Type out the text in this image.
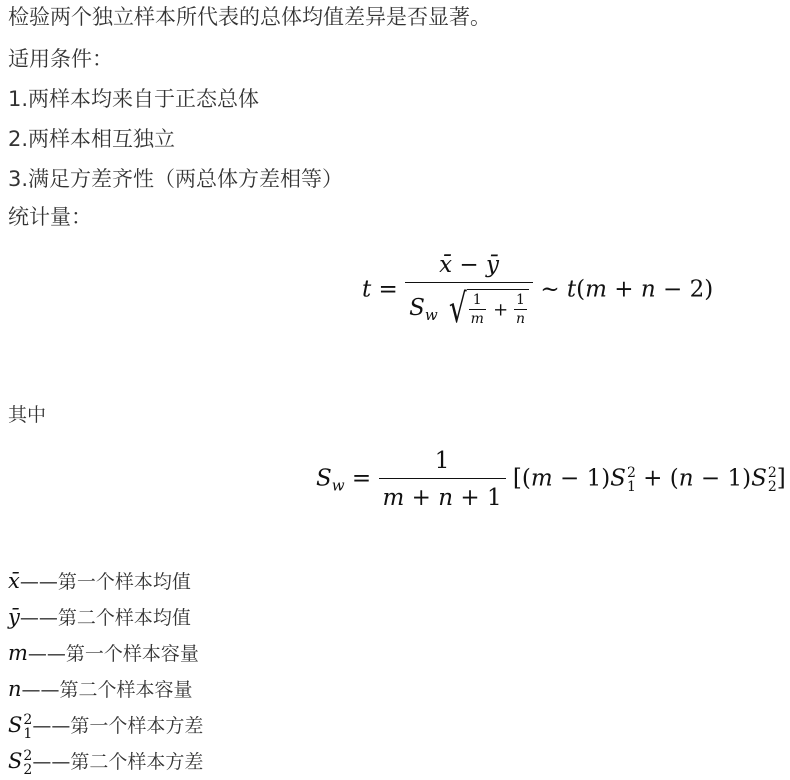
检验两个独立样本所代表的总体均值差异是否显著。
适用条件：
1.两样本均来自于正态总体
2.两样本相互独立
3.满足方差齐性（两总体方差相等）
统计量：
t =
x̄ − ȳ
$S_w$ √ $\frac{1}{m} + \frac{1}{n}$
∼ t(m + n − 2)
其中
$S_w = \frac{1}{m + n + 1} [(m - 1)S$ 2
1 + (n − 1)S 2
2 ]
x̄——第一个样本均值
ȳ——第二个样本均值
m——第一个样本容量
n——第二个样本容量
S 2
1 ——第一个样本方差
S 2
2 ——第二个样本方差
